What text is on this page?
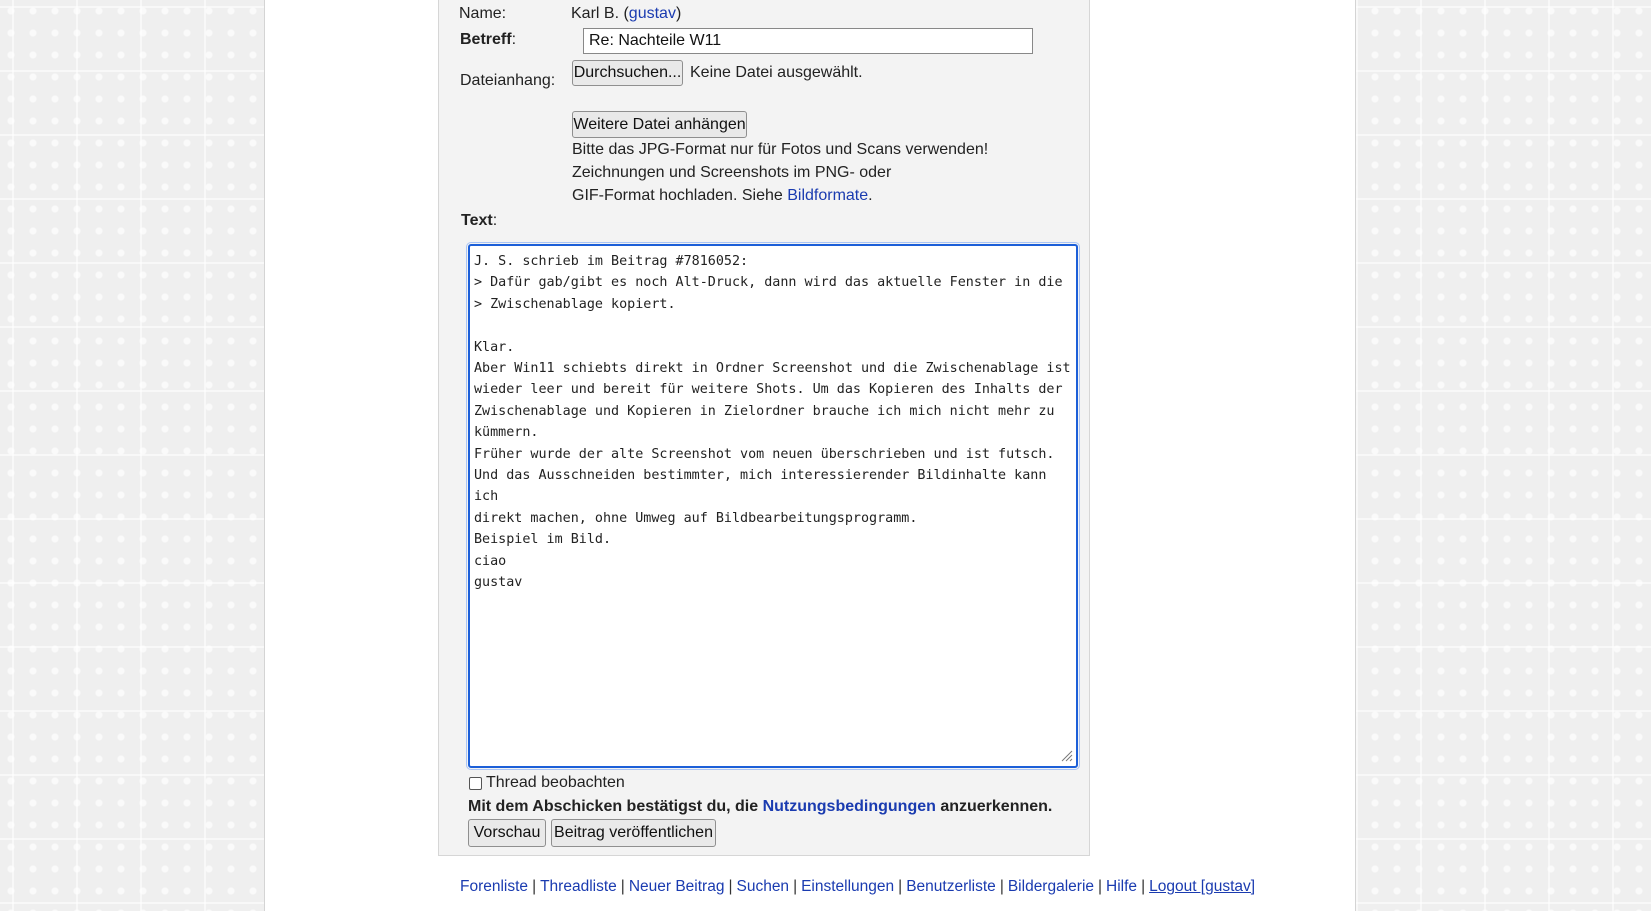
Name:	Karl B. (gustav)
Betreff:
Re: Nachteile W11
Dateianhang: Durchsuchen... Keine Datei ausgewählt.
Weitere Datei anhängen
Bitte das JPG-Format nur für Fotos und Scans verwenden!
Zeichnungen und Screenshots im PNG- oder
GIF-Format hochladen. Siehe Bildformate.
Text:
J. S. schrieb im Beitrag #7816052: > Dafür gab/gibt es noch Alt-Druck, dann wird das aktuelle Fenster in die > Zwischenablage kopiert. Klar. Aber Win11 schiebts direkt in Ordner Screenshot und die Zwischenablage ist wieder leer und bereit für weitere Shots. Um das Kopieren des Inhalts der Zwischenablage und Kopieren in Zielordner brauche ich mich nicht mehr zu kümmern. Früher wurde der alte Screenshot vom neuen überschrieben und ist futsch. Und das Ausschneiden bestimmter, mich interessierender Bildinhalte kann ich direkt machen, ohne Umweg auf Bildbearbeitungsprogramm. Beispiel im Bild. ciao gustav
Thread beobachten
Mit dem Abschicken bestätigst du, die Nutzungsbedingungen anzuerkennen.
Vorschau Beitrag veröffentlichen
Forenliste | Threadliste | Neuer Beitrag | Suchen | Einstellungen | Benutzerliste | Bildergalerie | Hilfe | Logout [gustav]
